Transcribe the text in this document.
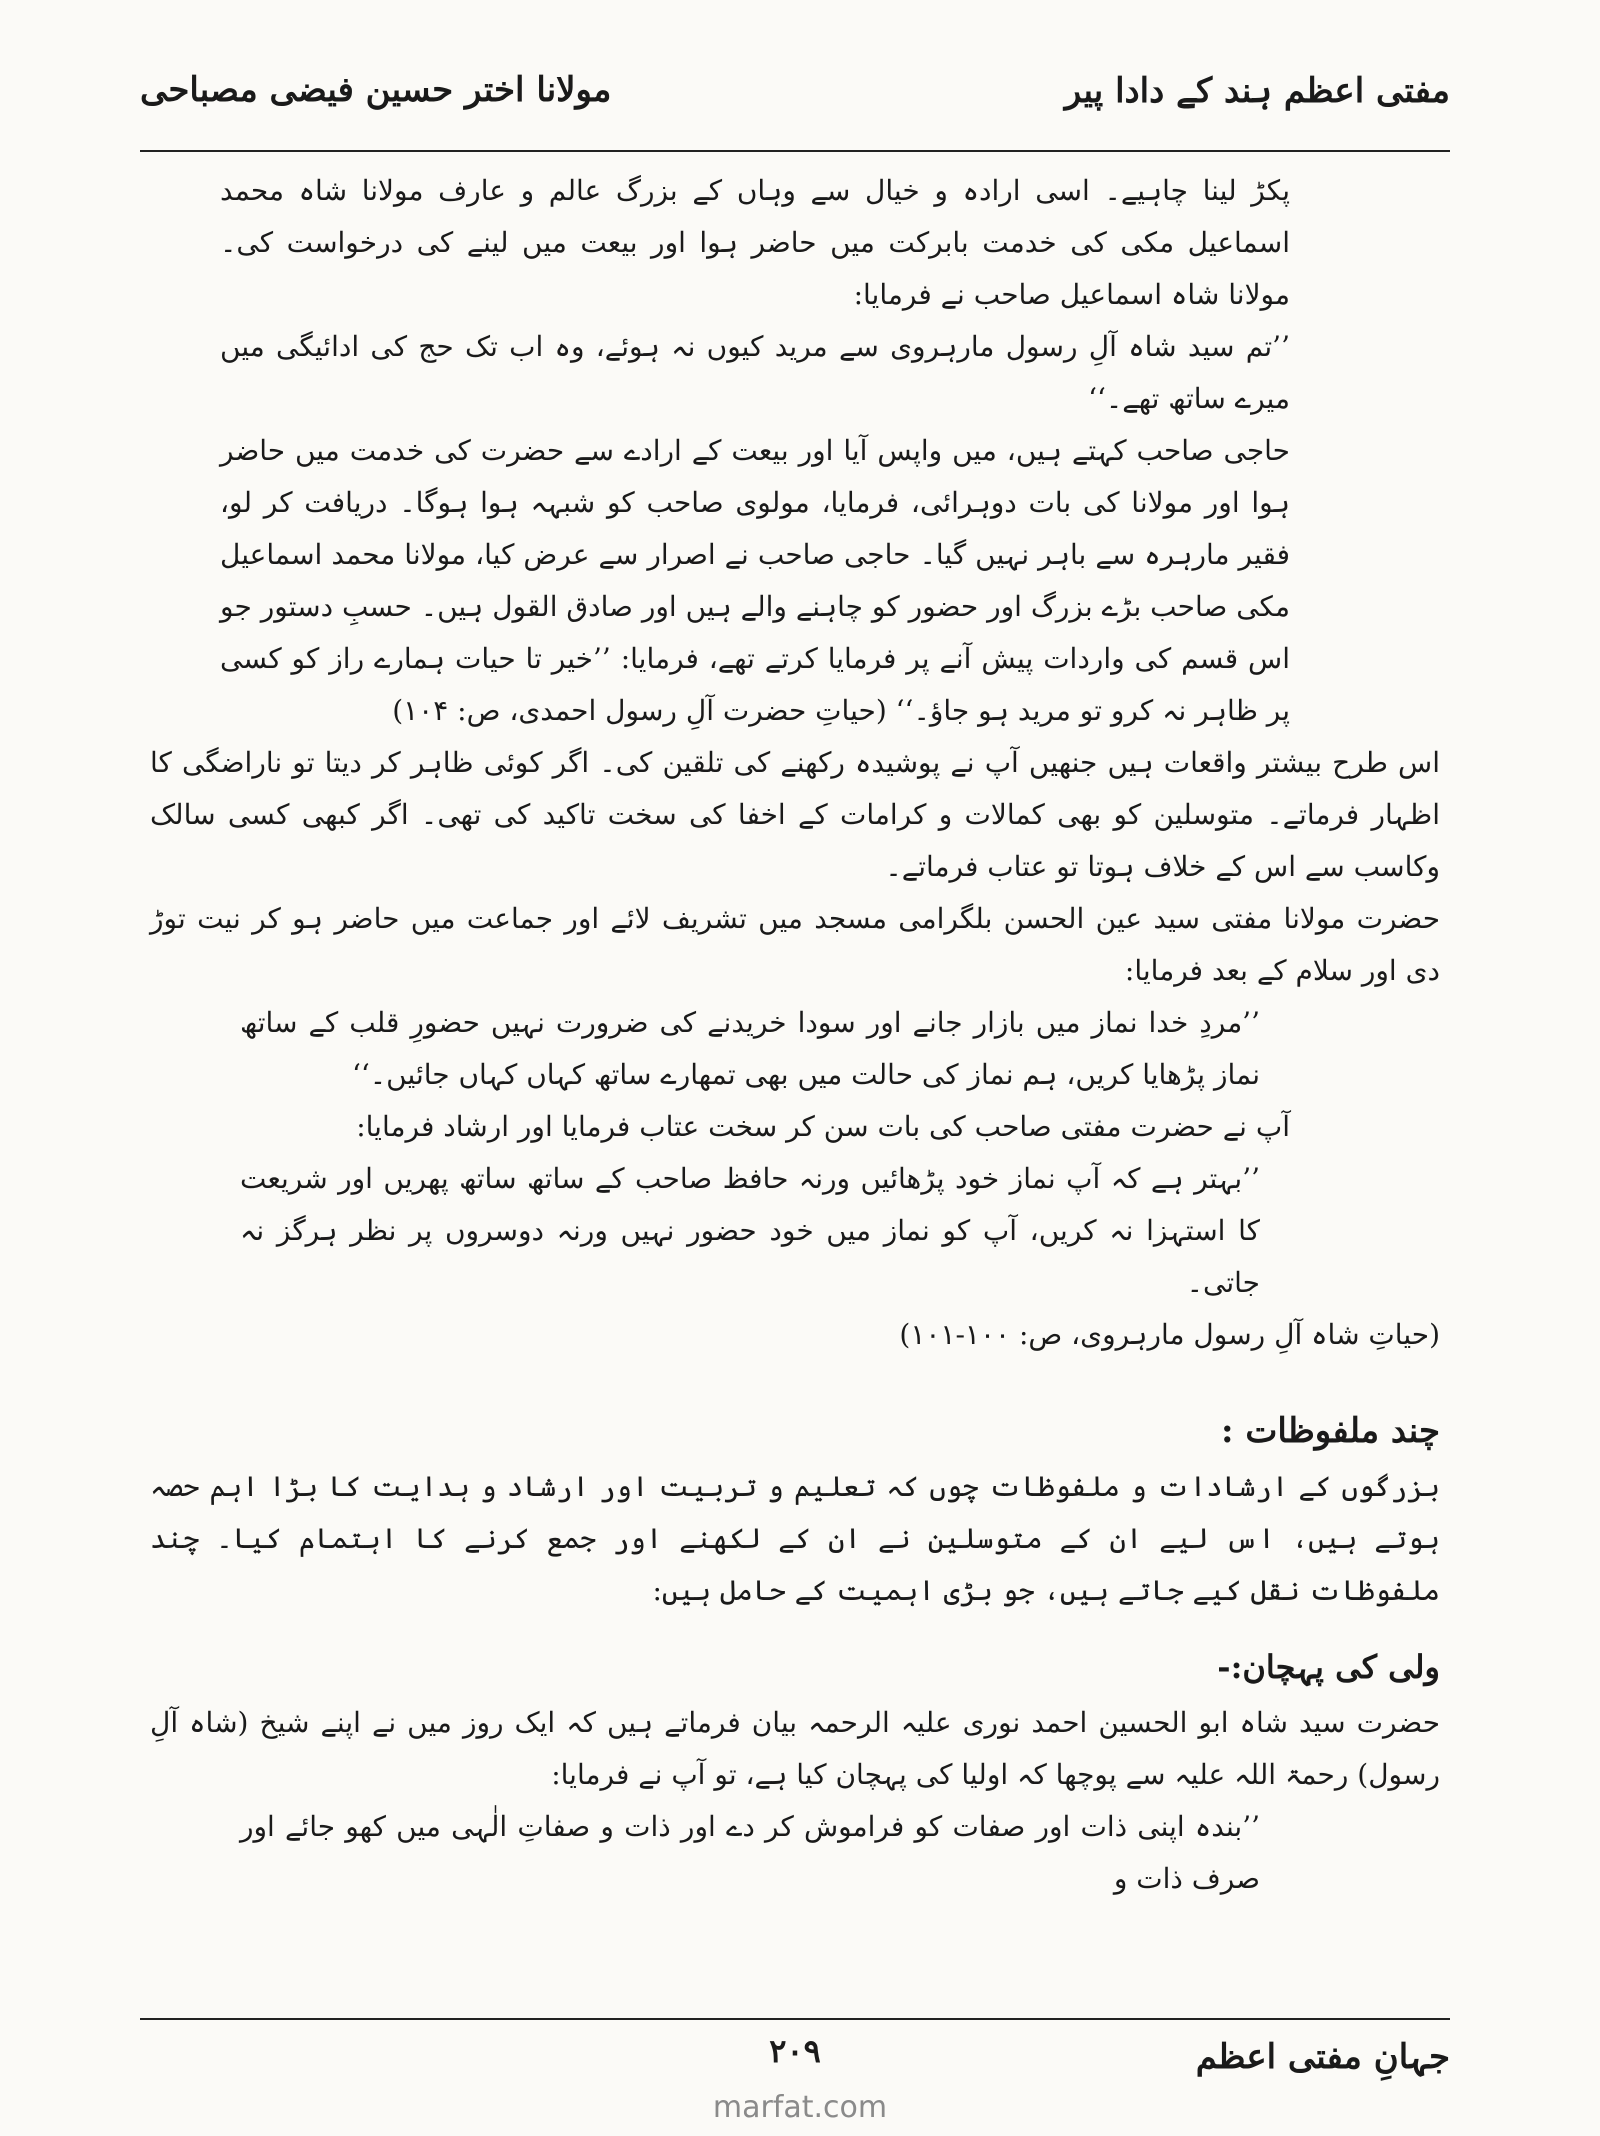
مفتی اعظم ہند کے دادا پیر
مولانا اختر حسین فیضی مصباحی

پکڑ لینا چاہیے۔ اسی ارادہ و خیال سے وہاں کے بزرگ عالم و عارف مولانا شاہ محمد اسماعیل مکی کی خدمت بابرکت میں حاضر ہوا اور بیعت میں لینے کی درخواست کی۔ مولانا شاہ اسماعیل صاحب نے فرمایا:

’’تم سید شاہ آلِ رسول مارہروی سے مرید کیوں نہ ہوئے، وہ اب تک حج کی ادائیگی میں میرے ساتھ تھے۔‘‘

حاجی صاحب کہتے ہیں، میں واپس آیا اور بیعت کے ارادے سے حضرت کی خدمت میں حاضر ہوا اور مولانا کی بات دوہرائی، فرمایا، مولوی صاحب کو شبہہ ہوا ہوگا۔ دریافت کر لو، فقیر مارہرہ سے باہر نہیں گیا۔ حاجی صاحب نے اصرار سے عرض کیا، مولانا محمد اسماعیل مکی صاحب بڑے بزرگ اور حضور کو چاہنے والے ہیں اور صادق القول ہیں۔ حسبِ دستور جو اس قسم کی واردات پیش آنے پر فرمایا کرتے تھے، فرمایا: ’’خیر تا حیات ہمارے راز کو کسی پر ظاہر نہ کرو تو مرید ہو جاؤ۔‘‘ (حیاتِ حضرت آلِ رسول احمدی، ص: ۱۰۴)

اس طرح بیشتر واقعات ہیں جنھیں آپ نے پوشیدہ رکھنے کی تلقین کی۔ اگر کوئی ظاہر کر دیتا تو ناراضگی کا اظہار فرماتے۔ متوسلین کو بھی کمالات و کرامات کے اخفا کی سخت تاکید کی تھی۔ اگر کبھی کسی سالک وکاسب سے اس کے خلاف ہوتا تو عتاب فرماتے۔

حضرت مولانا مفتی سید عین الحسن بلگرامی مسجد میں تشریف لائے اور جماعت میں حاضر ہو کر نیت توڑ دی اور سلام کے بعد فرمایا:

’’مردِ خدا نماز میں بازار جانے اور سودا خریدنے کی ضرورت نہیں حضورِ قلب کے ساتھ نماز پڑھایا کریں، ہم نماز کی حالت میں بھی تمھارے ساتھ کہاں کہاں جائیں۔‘‘

آپ نے حضرت مفتی صاحب کی بات سن کر سخت عتاب فرمایا اور ارشاد فرمایا:

’’بہتر ہے کہ آپ نماز خود پڑھائیں ورنہ حافظ صاحب کے ساتھ ساتھ پھریں اور شریعت کا استہزا نہ کریں، آپ کو نماز میں خود حضور نہیں ورنہ دوسروں پر نظر ہرگز نہ جاتی۔

(حیاتِ شاہ آلِ رسول مارہروی، ص: ۱۰۰-۱۰۱)

چند ملفوظات :

بزرگوں کے ارشادات و ملفوظات چوں کہ تعلیم و تربیت اور ارشاد و ہدایت کا بڑا اہم حصہ ہوتے ہیں، اس لیے ان کے متوسلین نے ان کے لکھنے اور جمع کرنے کا اہتمام کیا۔ چند ملفوظات نقل کیے جاتے ہیں، جو بڑی اہمیت کے حامل ہیں:

ولی کی پہچان:-

حضرت سید شاہ ابو الحسین احمد نوری علیہ الرحمہ بیان فرماتے ہیں کہ ایک روز میں نے اپنے شیخ (شاہ آلِ رسول) رحمۃ اللہ علیہ سے پوچھا کہ اولیا کی پہچان کیا ہے، تو آپ نے فرمایا:

’’بندہ اپنی ذات اور صفات کو فراموش کر دے اور ذات و صفاتِ الٰہی میں کھو جائے اور صرف ذات و

جہانِ مفتی اعظم
۲۰۹
marfat.com
